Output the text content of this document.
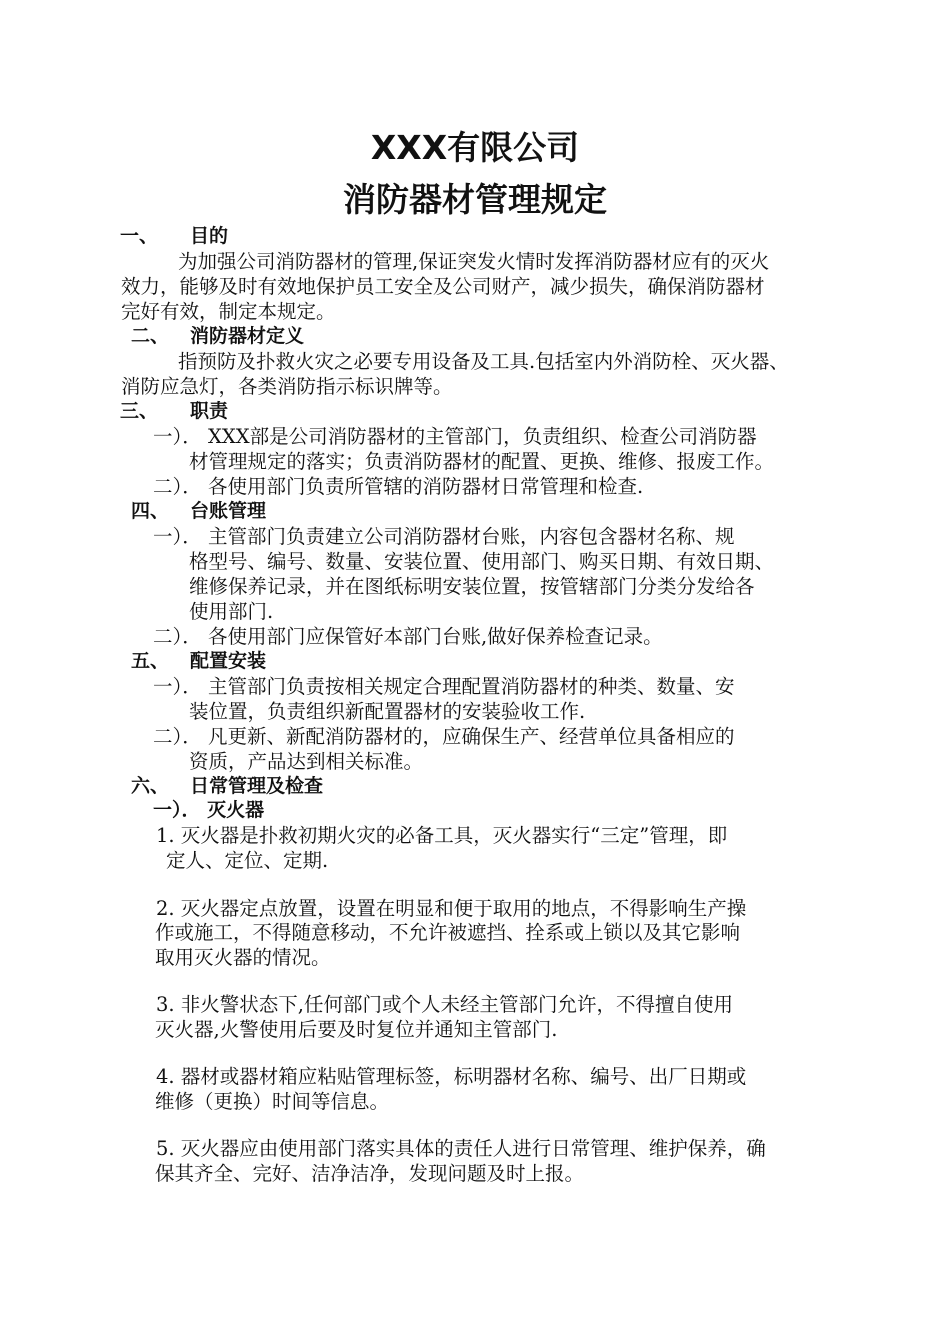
XXX有限公司
消防器材管理规定
一、 目的
为加强公司消防器材的管理,保证突发火情时发挥消防器材应有的灭火
效力，能够及时有效地保护员工安全及公司财产，减少损失，确保消防器材
完好有效，制定本规定。
二、 消防器材定义
指预防及扑救火灾之必要专用设备及工具.包括室内外消防栓、灭火器、
消防应急灯，各类消防指示标识牌等。
三、 职责
一）． XXX部是公司消防器材的主管部门，负责组织、检查公司消防器
材管理规定的落实；负责消防器材的配置、更换、维修、报废工作。
二）． 各使用部门负责所管辖的消防器材日常管理和检查.
四、 台账管理
一）． 主管部门负责建立公司消防器材台账，内容包含器材名称、规
格型号、编号、数量、安装位置、使用部门、购买日期、有效日期、
维修保养记录，并在图纸标明安装位置，按管辖部门分类分发给各
使用部门.
二）． 各使用部门应保管好本部门台账,做好保养检查记录。
五、 配置安装
一）． 主管部门负责按相关规定合理配置消防器材的种类、数量、安
装位置，负责组织新配置器材的安装验收工作.
二）． 凡更新、新配消防器材的，应确保生产、经营单位具备相应的
资质，产品达到相关标准。
六、 日常管理及检查
一）． 灭火器
1. 灭火器是扑救初期火灾的必备工具，灭火器实行“三定”管理，即
定人、定位、定期.
2. 灭火器定点放置，设置在明显和便于取用的地点，不得影响生产操
作或施工，不得随意移动，不允许被遮挡、拴系或上锁以及其它影响
取用灭火器的情况。
3. 非火警状态下,任何部门或个人未经主管部门允许，不得擅自使用
灭火器,火警使用后要及时复位并通知主管部门.
4. 器材或器材箱应粘贴管理标签，标明器材名称、编号、出厂日期或
维修（更换）时间等信息。
5. 灭火器应由使用部门落实具体的责任人进行日常管理、维护保养，确
保其齐全、完好、洁净洁净，发现问题及时上报。
